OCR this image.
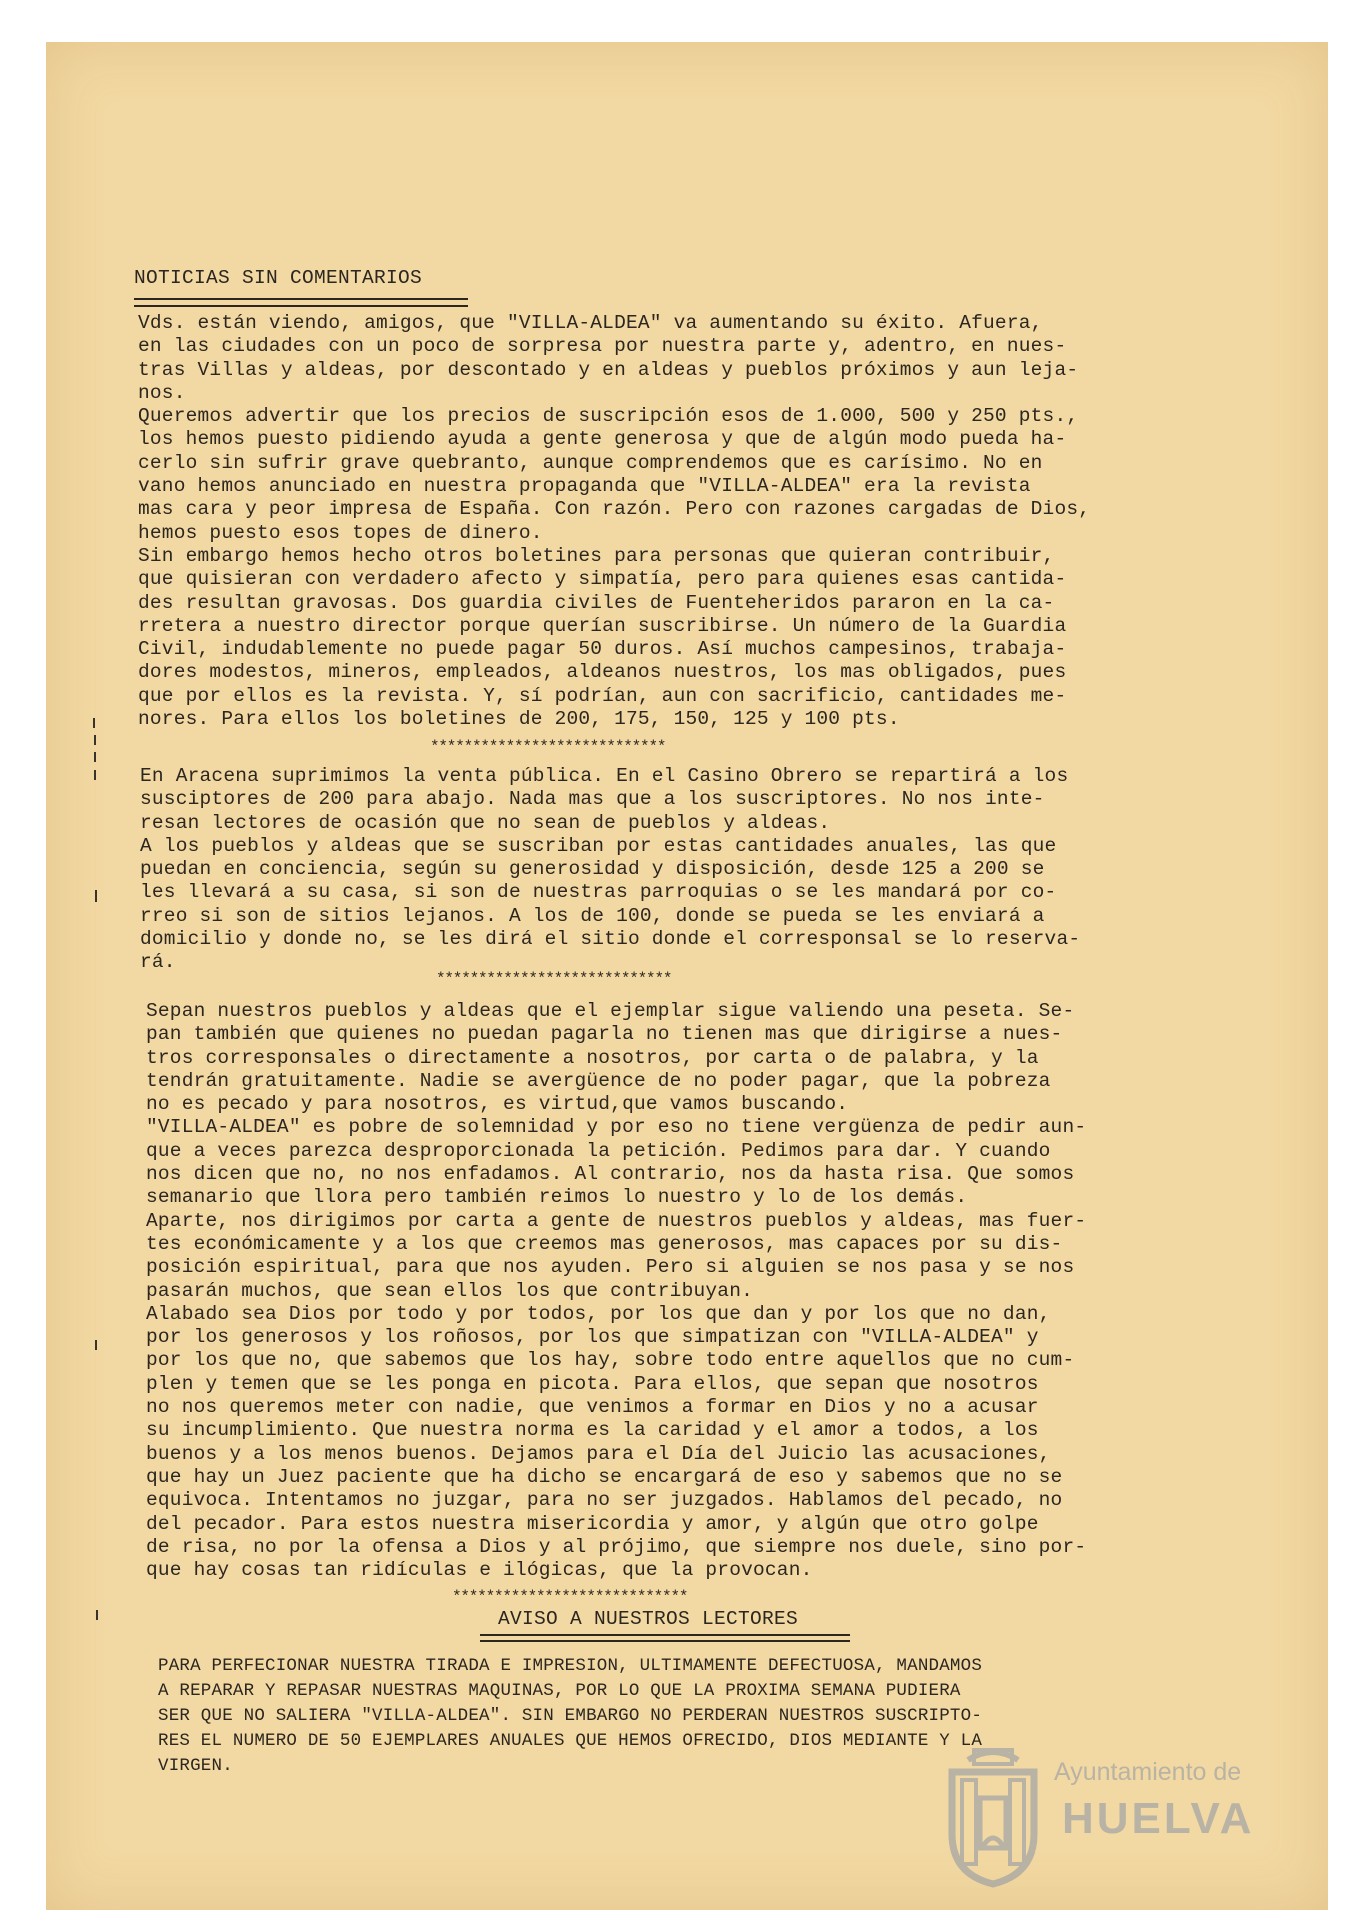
NOTICIAS SIN COMENTARIOS
Vds. están viendo, amigos, que "VILLA-ALDEA" va aumentando su éxito. Afuera,
en las ciudades con un poco de sorpresa por nuestra parte y, adentro, en nues-
tras Villas y aldeas, por descontado y en aldeas y pueblos próximos y aun leja-
nos.
Queremos advertir que los precios de suscripción esos de 1.000, 500 y 250 pts.,
los hemos puesto pidiendo ayuda a gente generosa y que de algún modo pueda ha-
cerlo sin sufrir grave quebranto, aunque comprendemos que es carísimo. No en
vano hemos anunciado en nuestra propaganda que "VILLA-ALDEA" era la revista
mas cara y peor impresa de España. Con razón. Pero con razones cargadas de Dios,
hemos puesto esos topes de dinero.
Sin embargo hemos hecho otros boletines para personas que quieran contribuir,
que quisieran con verdadero afecto y simpatía, pero para quienes esas cantida-
des resultan gravosas. Dos guardia civiles de Fuenteheridos pararon en la ca-
rretera a nuestro director porque querían suscribirse. Un número de la Guardia
Civil, indudablemente no puede pagar 50 duros. Así muchos campesinos, trabaja-
dores modestos, mineros, empleados, aldeanos nuestros, los mas obligados, pues
que por ellos es la revista. Y, sí podrían, aun con sacrificio, cantidades me-
nores. Para ellos los boletines de 200, 175, 150, 125 y 100 pts.
****************************
En Aracena suprimimos la venta pública. En el Casino Obrero se repartirá a los
susciptores de 200 para abajo. Nada mas que a los suscriptores. No nos inte-
resan lectores de ocasión que no sean de pueblos y aldeas.
A los pueblos y aldeas que se suscriban por estas cantidades anuales, las que
puedan en conciencia, según su generosidad y disposición, desde 125 a 200 se
les llevará a su casa, si son de nuestras parroquias o se les mandará por co-
rreo si son de sitios lejanos. A los de 100, donde se pueda se les enviará a
domicilio y donde no, se les dirá el sitio donde el corresponsal se lo reserva-
rá.
****************************
Sepan nuestros pueblos y aldeas que el ejemplar sigue valiendo una peseta. Se-
pan también que quienes no puedan pagarla no tienen mas que dirigirse a nues-
tros corresponsales o directamente a nosotros, por carta o de palabra, y la
tendrán gratuitamente. Nadie se avergüence de no poder pagar, que la pobreza
no es pecado y para nosotros, es virtud,que vamos buscando.
"VILLA-ALDEA" es pobre de solemnidad y por eso no tiene vergüenza de pedir aun-
que a veces parezca desproporcionada la petición. Pedimos para dar. Y cuando
nos dicen que no, no nos enfadamos. Al contrario, nos da hasta risa. Que somos
semanario que llora pero también reimos lo nuestro y lo de los demás.
Aparte, nos dirigimos por carta a gente de nuestros pueblos y aldeas, mas fuer-
tes económicamente y a los que creemos mas generosos, mas capaces por su dis-
posición espiritual, para que nos ayuden. Pero si alguien se nos pasa y se nos
pasarán muchos, que sean ellos los que contribuyan.
Alabado sea Dios por todo y por todos, por los que dan y por los que no dan,
por los generosos y los roñosos, por los que simpatizan con "VILLA-ALDEA" y
por los que no, que sabemos que los hay, sobre todo entre aquellos que no cum-
plen y temen que se les ponga en picota. Para ellos, que sepan que nosotros
no nos queremos meter con nadie, que venimos a formar en Dios y no a acusar
su incumplimiento. Que nuestra norma es la caridad y el amor a todos, a los
buenos y a los menos buenos. Dejamos para el Día del Juicio las acusaciones,
que hay un Juez paciente que ha dicho se encargará de eso y sabemos que no se
equivoca. Intentamos no juzgar, para no ser juzgados. Hablamos del pecado, no
del pecador. Para estos nuestra misericordia y amor, y algún que otro golpe
de risa, no por la ofensa a Dios y al prójimo, que siempre nos duele, sino por-
que hay cosas tan ridículas e ilógicas, que la provocan.
****************************
AVISO A NUESTROS LECTORES
PARA PERFECIONAR NUESTRA TIRADA E IMPRESION, ULTIMAMENTE DEFECTUOSA, MANDAMOS
A REPARAR Y REPASAR NUESTRAS MAQUINAS, POR LO QUE LA PROXIMA SEMANA PUDIERA
SER QUE NO SALIERA "VILLA-ALDEA". SIN EMBARGO NO PERDERAN NUESTROS SUSCRIPTO-
RES EL NUMERO DE 50 EJEMPLARES ANUALES QUE HEMOS OFRECIDO, DIOS MEDIANTE Y LA
VIRGEN.	Ayuntamiento de
HUELVA
